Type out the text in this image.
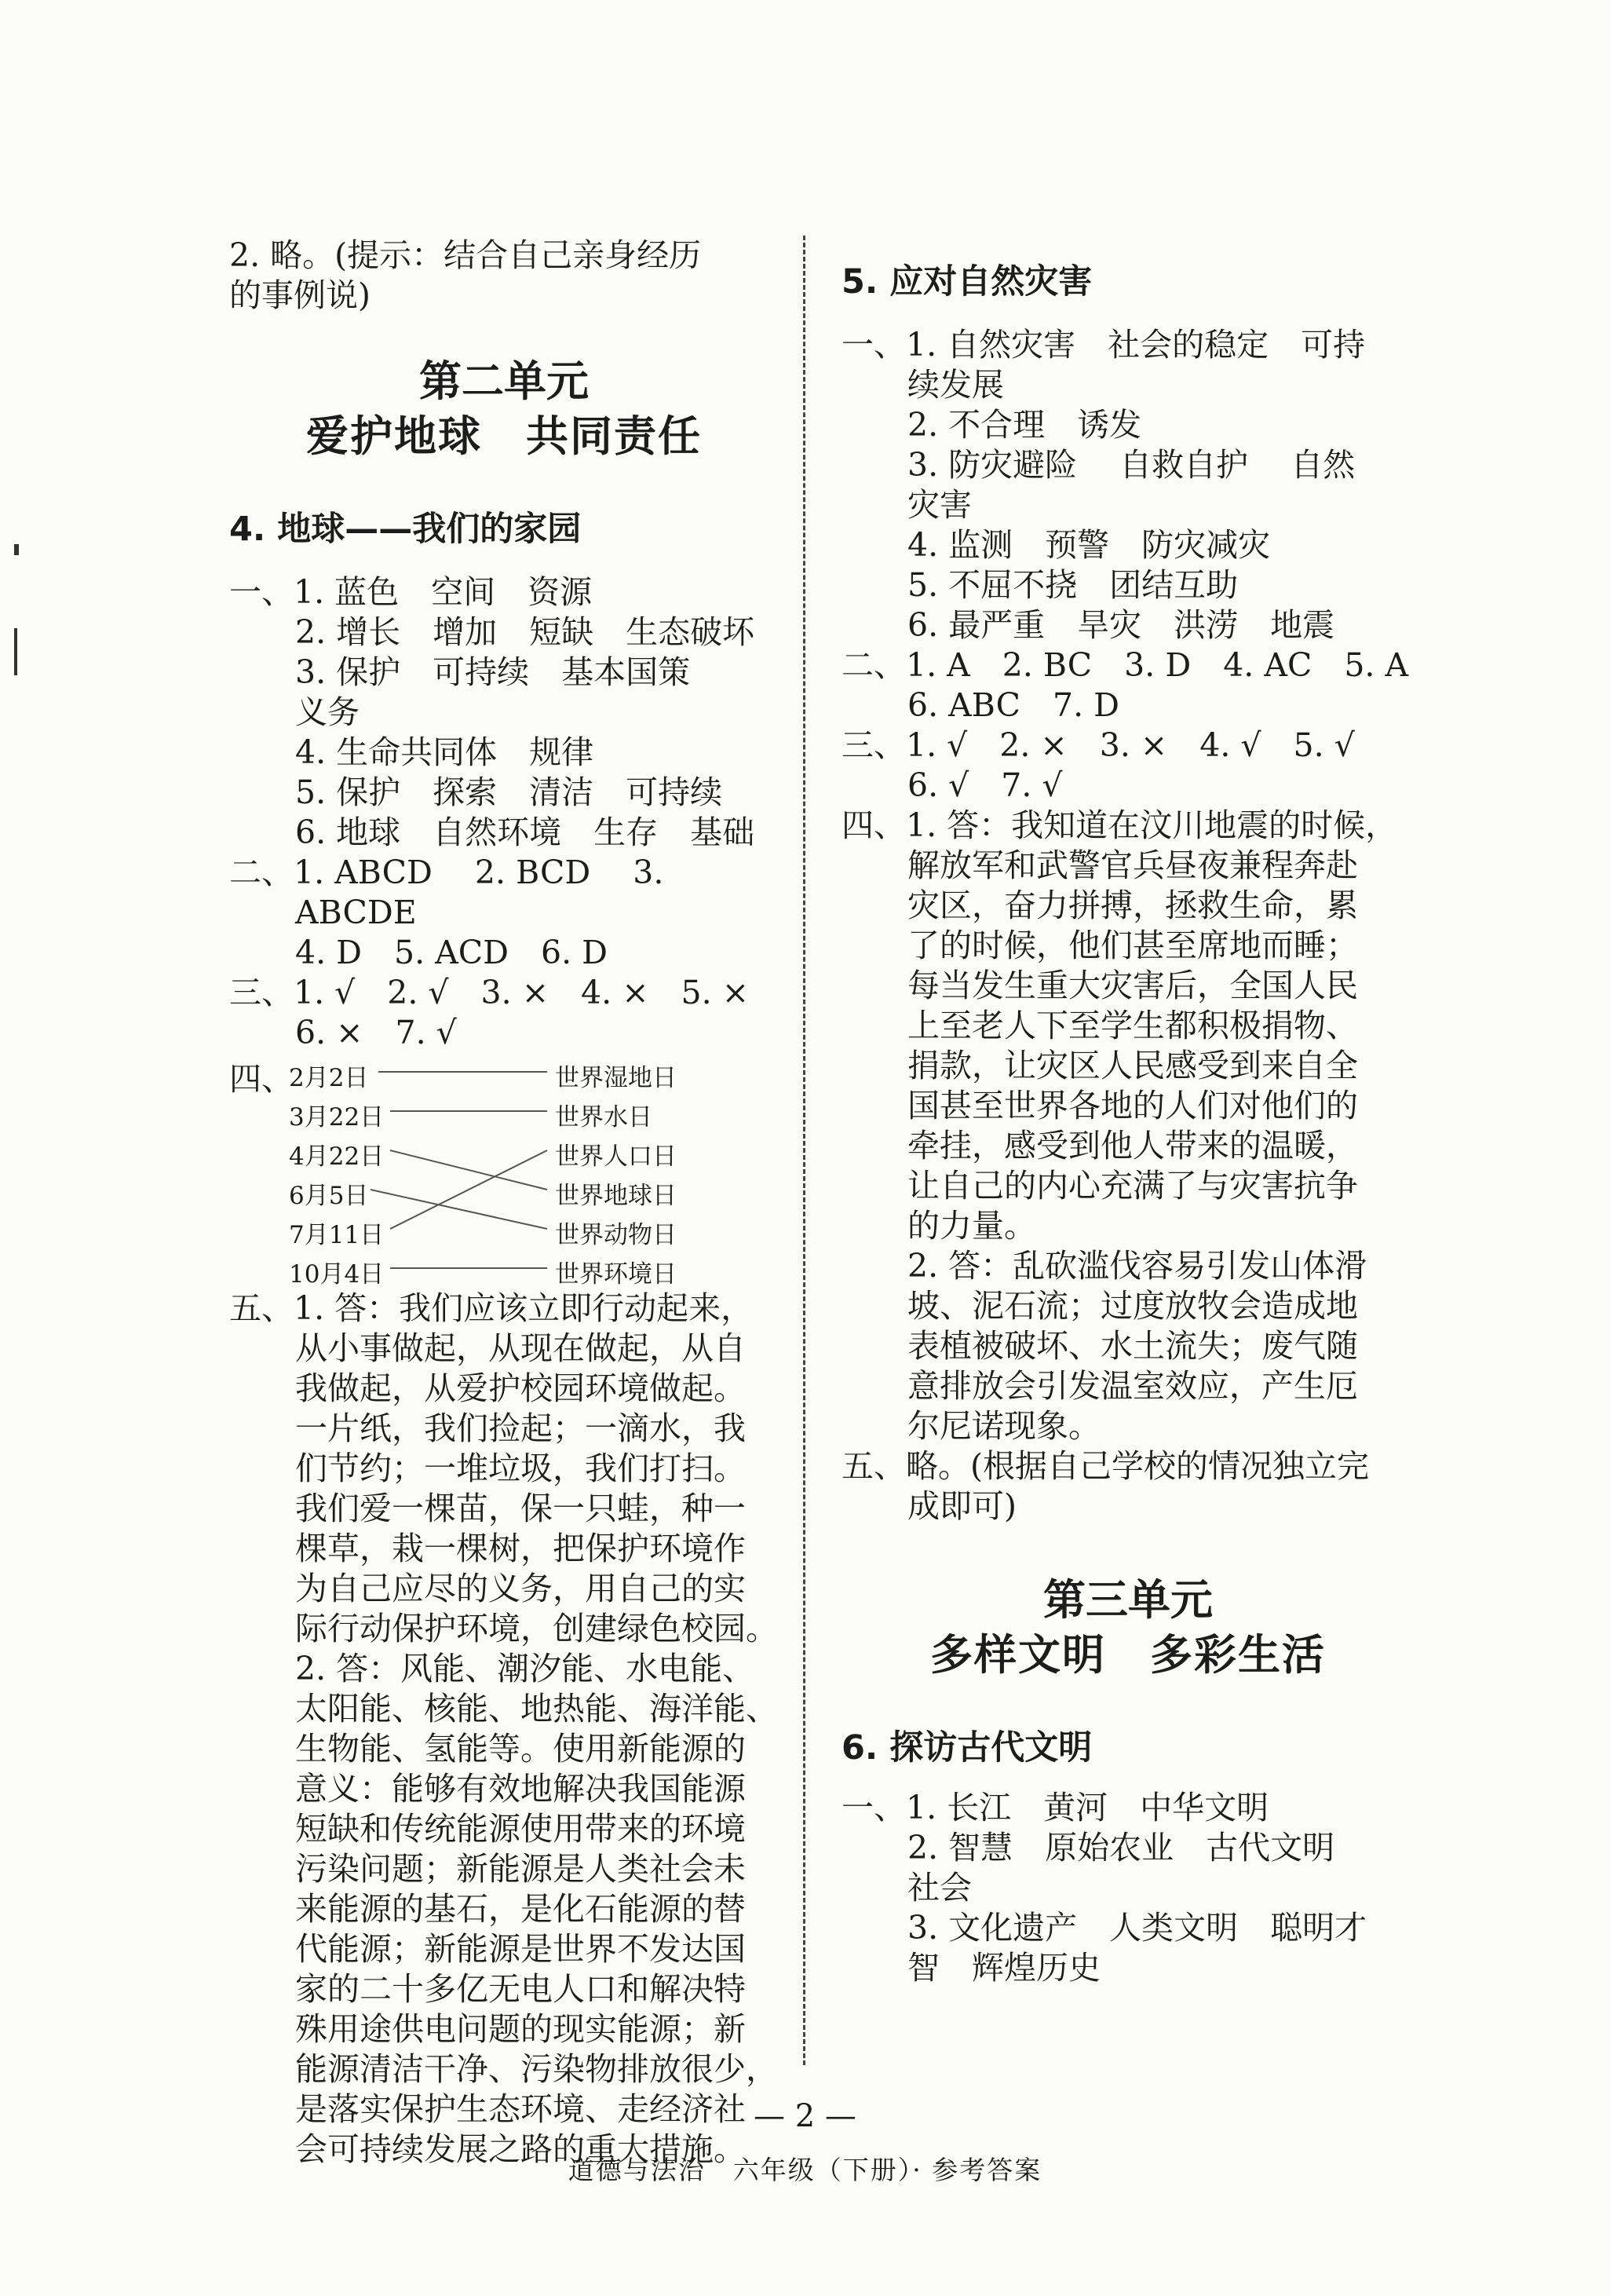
2. 略。(提示：结合自己亲身经历

的事例说)

第二单元

爱护地球　共同责任

4. 地球——我们的家园

一、1. 蓝色　空间　资源

2. 增长　增加　短缺　生态破坏

3. 保护　可持续　基本国策

义务

4. 生命共同体　规律

5. 保护　探索　清洁　可持续

6. 地球　自然环境　生存　基础

二、1. ABCD　 2. BCD　 3. ABCDE

4. D　5. ACD　6. D

三、1. √　2. √　3. ×　4. ×　5. ×

6. ×　7. √

四、
2月2日
3月22日
4月22日
6月5日
7月11日
10月4日
世界湿地日
世界水日
世界人口日
世界地球日
世界动物日
世界环境日

五、1. 答：我们应该立即行动起来，

从小事做起，从现在做起，从自

我做起，从爱护校园环境做起。

一片纸，我们捡起；一滴水，我

们节约；一堆垃圾，我们打扫。

我们爱一棵苗，保一只蛙，种一

棵草，栽一棵树，把保护环境作

为自己应尽的义务，用自己的实

际行动保护环境，创建绿色校园。

2. 答：风能、潮汐能、水电能、

太阳能、核能、地热能、海洋能、

生物能、氢能等。使用新能源的

意义：能够有效地解决我国能源

短缺和传统能源使用带来的环境

污染问题；新能源是人类社会未

来能源的基石，是化石能源的替

代能源；新能源是世界不发达国

家的二十多亿无电人口和解决特

殊用途供电问题的现实能源；新

能源清洁干净、污染物排放很少，

是落实保护生态环境、走经济社

会可持续发展之路的重大措施。

5. 应对自然灾害

一、1. 自然灾害　社会的稳定　可持

续发展

2. 不合理　诱发

3. 防灾避险　 自救自护　 自然

灾害

4. 监测　预警　防灾减灾

5. 不屈不挠　团结互助

6. 最严重　旱灾　洪涝　地震

二、1. A　2. BC　3. D　4. AC　5. A

6. ABC　7. D

三、1. √　2. ×　3. ×　4. √　5. √

6. √　7. √

四、1. 答：我知道在汶川地震的时候，

解放军和武警官兵昼夜兼程奔赴

灾区，奋力拼搏，拯救生命，累

了的时候，他们甚至席地而睡；

每当发生重大灾害后，全国人民

上至老人下至学生都积极捐物、

捐款，让灾区人民感受到来自全

国甚至世界各地的人们对他们的

牵挂，感受到他人带来的温暖，

让自己的内心充满了与灾害抗争

的力量。

2. 答：乱砍滥伐容易引发山体滑

坡、泥石流；过度放牧会造成地

表植被破坏、水土流失；废气随

意排放会引发温室效应，产生厄

尔尼诺现象。

五、略。(根据自己学校的情况独立完

成即可)

第三单元

多样文明　多彩生活

6. 探访古代文明

一、1. 长江　黄河　中华文明

2. 智慧　原始农业　古代文明

社会

3. 文化遗产　人类文明　聪明才

智　辉煌历史

— 2 —

道德与法治　六年级（下册）· 参考答案
